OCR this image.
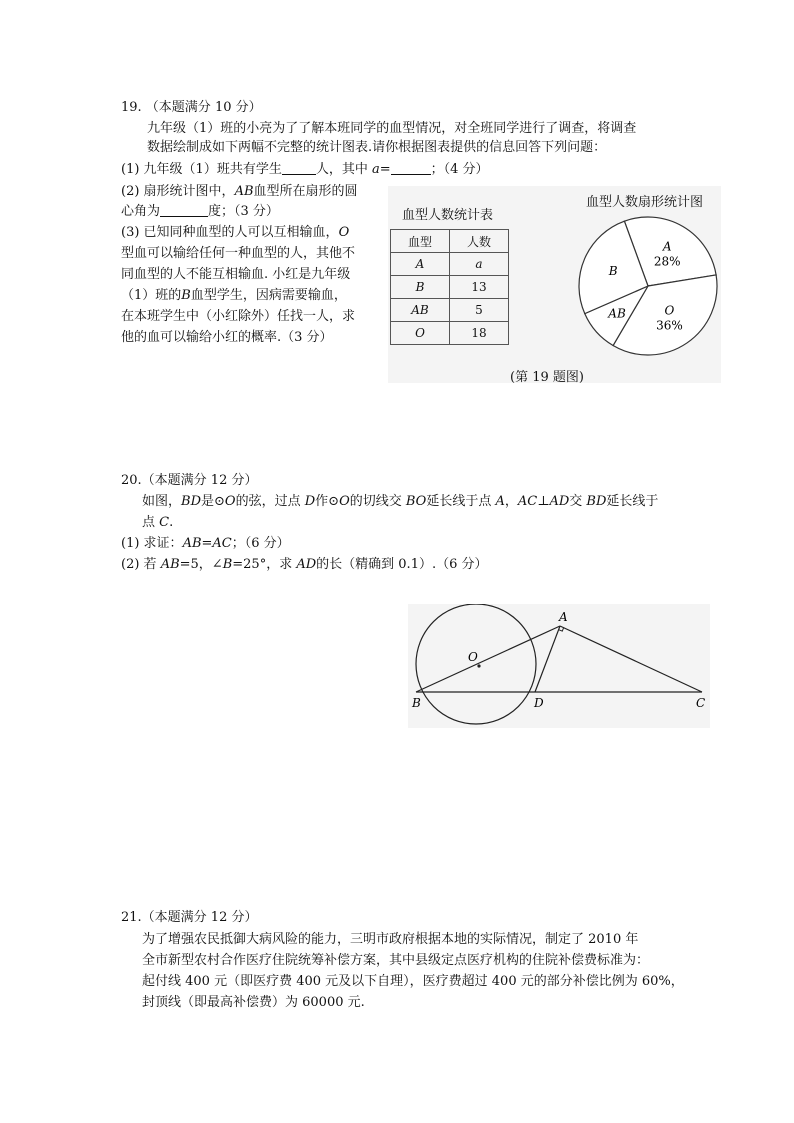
19. （本题满分 10 分）
九年级（1）班的小亮为了了解本班同学的血型情况，对全班同学进行了调查，将调查
数据绘制成如下两幅不完整的统计图表.请你根据图表提供的信息回答下列问题：
(1) 九年级（1）班共有学生	人，其中 a=	；（4 分）
(2) 扇形统计图中，AB血型所在扇形的圆
心角为	度；（3 分）
(3) 已知同种血型的人可以互相输血，O
型血可以输给任何一种血型的人，其他不
同血型的人不能互相输血. 小红是九年级
（1）班的B血型学生，因病需要输血，
在本班学生中（小红除外）任找一人，求
他的血可以输给小红的概率.（3 分）
血型人数统计表
血型	人数
A	a
B	13
AB	5
O	18
血型人数扇形统计图
A
28%
O
36%
AB
B
(第 19 题图)
20.（本题满分 12 分）
如图，BD是⊙O的弦，过点 D作⊙O的切线交 BO延长线于点 A，AC⊥AD交 BD延长线于
点 C.
(1) 求证：AB=AC；（6 分）
(2) 若 AB=5，∠B=25°，求 AD的长（精确到 0.1）.（6 分）
O
A
B	D	C
21.（本题满分 12 分）
为了增强农民抵御大病风险的能力，三明市政府根据本地的实际情况，制定了 2010 年
全市新型农村合作医疗住院统筹补偿方案，其中县级定点医疗机构的住院补偿费标准为：
起付线 400 元（即医疗费 400 元及以下自理），医疗费超过 400 元的部分补偿比例为 60%，
封顶线（即最高补偿费）为 60000 元.
